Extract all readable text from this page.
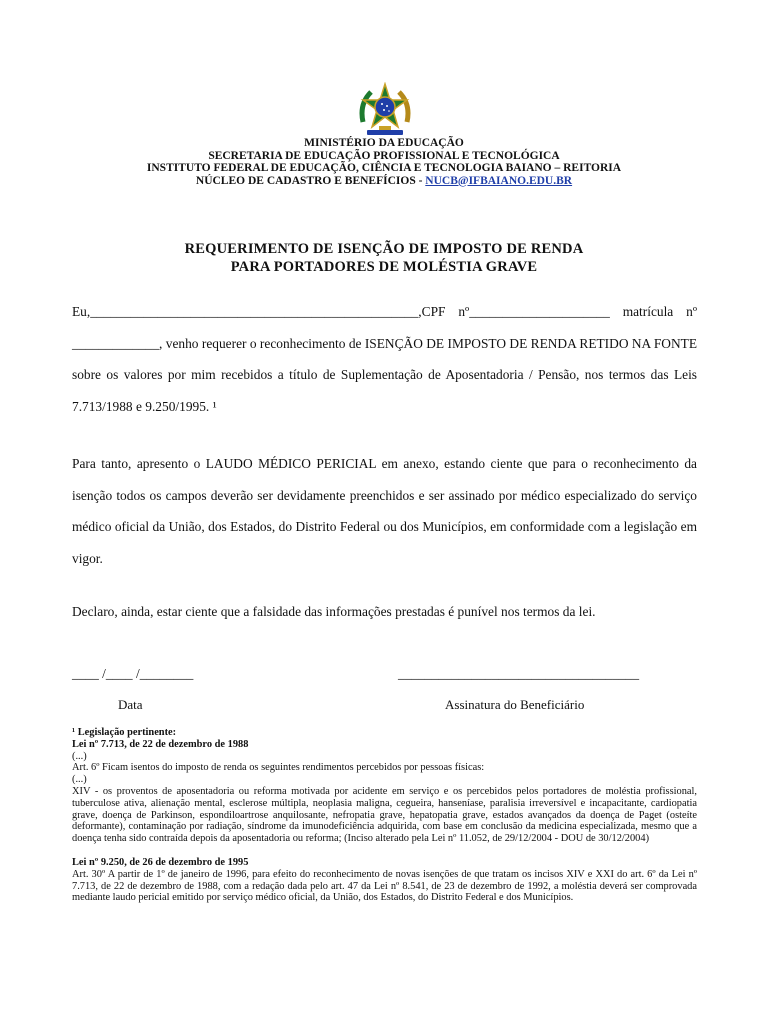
MINISTÉRIO DA EDUCAÇÃO
SECRETARIA DE EDUCAÇÃO PROFISSIONAL E TECNOLÓGICA
INSTITUTO FEDERAL DE EDUCAÇÃO, CIÊNCIA E TECNOLOGIA BAIANO – REITORIA
NÚCLEO DE CADASTRO E BENEFÍCIOS - NUCB@IFBAIANO.EDU.BR
REQUERIMENTO DE ISENÇÃO DE IMPOSTO DE RENDA
PARA PORTADORES DE MOLÉSTIA GRAVE
Eu,_________________________________________________,CPF nº_____________________ matrícula nº _____________, venho requerer o reconhecimento de ISENÇÃO DE IMPOSTO DE RENDA RETIDO NA FONTE sobre os valores por mim recebidos a título de Suplementação de Aposentadoria / Pensão, nos termos das Leis 7.713/1988 e 9.250/1995. ¹
Para tanto, apresento o LAUDO MÉDICO PERICIAL em anexo, estando ciente que para o reconhecimento da isenção todos os campos deverão ser devidamente preenchidos e ser assinado por médico especializado do serviço médico oficial da União, dos Estados, do Distrito Federal ou dos Municípios, em conformidade com a legislação em vigor.
Declaro, ainda, estar ciente que a falsidade das informações prestadas é punível nos termos da lei.
____ /____ /________	____________________________________
Data	Assinatura do Beneficiário

¹ Legislação pertinente:

Lei nº 7.713, de 22 de dezembro de 1988

(...)

Art. 6º Ficam isentos do imposto de renda os seguintes rendimentos percebidos por pessoas físicas:

(...)

XIV - os proventos de aposentadoria ou reforma motivada por acidente em serviço e os percebidos pelos portadores de moléstia profissional, tuberculose ativa, alienação mental, esclerose múltipla, neoplasia maligna, cegueira, hanseníase, paralisia irreversível e incapacitante, cardiopatia grave, doença de Parkinson, espondiloartrose anquilosante, nefropatia grave, hepatopatia grave, estados avançados da doença de Paget (osteíte deformante), contaminação por radiação, síndrome da imunodeficiência adquirida, com base em conclusão da medicina especializada, mesmo que a doença tenha sido contraída depois da aposentadoria ou reforma; (Inciso alterado pela Lei nº 11.052, de 29/12/2004 - DOU de 30/12/2004)

Lei nº 9.250, de 26 de dezembro de 1995

Art. 30º A partir de 1º de janeiro de 1996, para efeito do reconhecimento de novas isenções de que tratam os incisos XIV e XXI do art. 6º da Lei nº 7.713, de 22 de dezembro de 1988, com a redação dada pelo art. 47 da Lei nº 8.541, de 23 de dezembro de 1992, a moléstia deverá ser comprovada mediante laudo pericial emitido por serviço médico oficial, da União, dos Estados, do Distrito Federal e dos Municípios.
